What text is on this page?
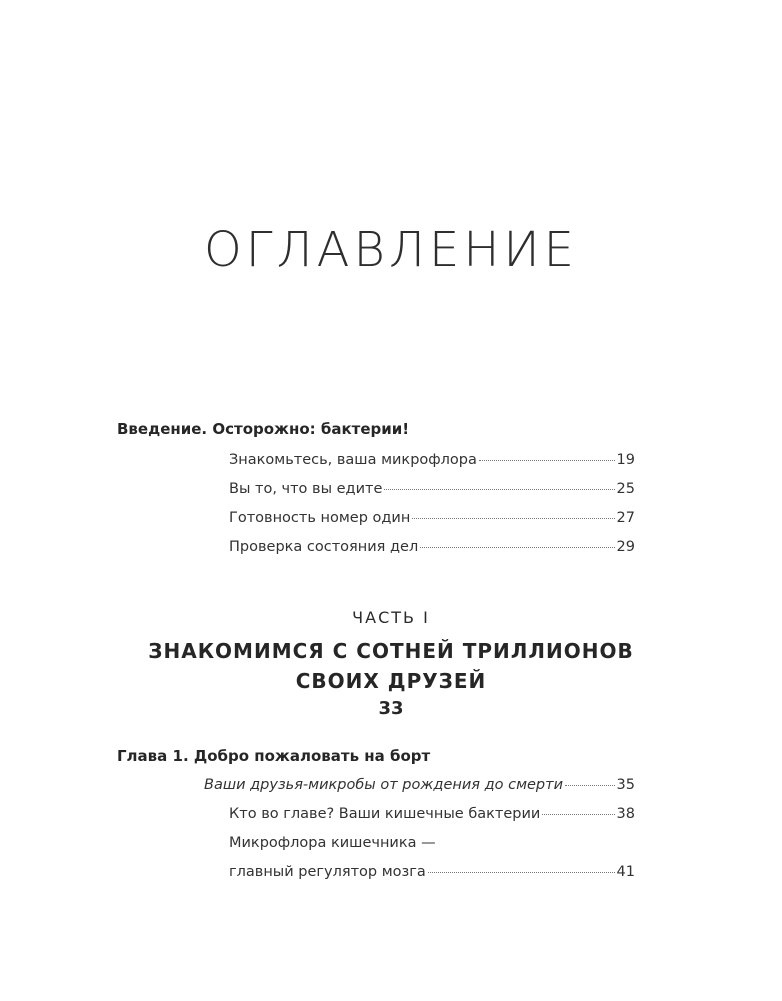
ОГЛАВЛЕНИЕ
Введение. Осторожно: бактерии!
Знакомьтесь, ваша микрофлора	19
Вы то, что вы едите	25
Готовность номер один	27
Проверка состояния дел	29
ЧАСТЬ I
ЗНАКОМИМСЯ С СОТНЕЙ ТРИЛЛИОНОВ
СВОИХ ДРУЗЕЙ
33
Глава 1. Добро пожаловать на борт
Ваши друзья-микробы от рождения до смерти	35
Кто во главе? Ваши кишечные бактерии	38
Микрофлора кишечника —
главный регулятор мозга	41
